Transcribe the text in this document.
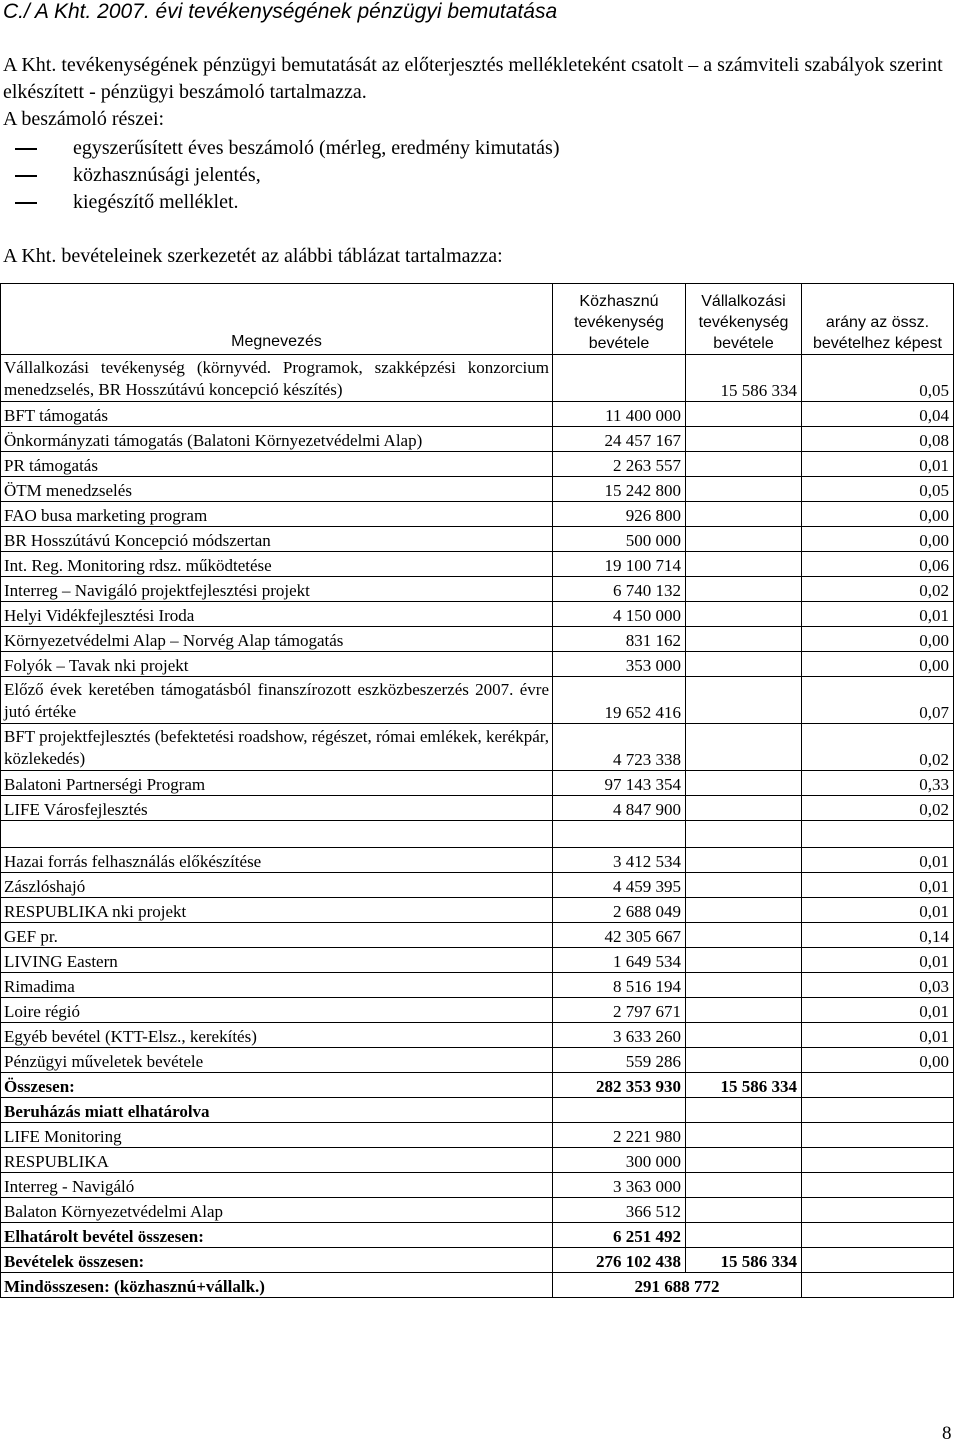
C./ A Kht. 2007. évi tevékenységének pénzügyi bemutatása

A Kht. tevékenységének pénzügyi bemutatását az előterjesztés mellékleteként csatolt – a számviteli szabályok szerint elkészített - pénzügyi beszámoló tartalmazza.

A beszámoló részei:

egyszerűsített éves beszámoló (mérleg, eredmény kimutatás)
közhasznúsági jelentés,
kiegészítő melléklet.

A Kht. bevételeinek szerkezetét az alábbi táblázat tartalmazza:

Megnevezés	Közhasznú tevékenység bevétele	Vállalkozási tevékenység bevétele	arány az össz. bevételhez képest
Vállalkozási tevékenység (környvéd. Programok, szakképzési konzorcium menedzselés, BR Hosszútávú koncepció készítés)		15 586 334	0,05
BFT támogatás	11 400 000		0,04
Önkormányzati támogatás (Balatoni Környezetvédelmi Alap)	24 457 167		0,08
PR támogatás	2 263 557		0,01
ÖTM menedzselés	15 242 800		0,05
FAO busa marketing program	926 800		0,00
BR Hosszútávú Koncepció módszertan	500 000		0,00
Int. Reg. Monitoring rdsz. működtetése	19 100 714		0,06
Interreg – Navigáló projektfejlesztési projekt	6 740 132		0,02
Helyi Vidékfejlesztési Iroda	4 150 000		0,01
Környezetvédelmi Alap – Norvég Alap támogatás	831 162		0,00
Folyók – Tavak nki projekt	353 000		0,00
Előző évek keretében támogatásból finanszírozott eszközbeszerzés 2007. évre jutó értéke	19 652 416		0,07
BFT projektfejlesztés (befektetési roadshow, régészet, római emlékek, kerékpár, közlekedés)	4 723 338		0,02
Balatoni Partnerségi Program	97 143 354		0,33
LIFE Városfejlesztés	4 847 900		0,02

Hazai forrás felhasználás előkészítése	3 412 534		0,01
Zászlóshajó	4 459 395		0,01
RESPUBLIKA nki projekt	2 688 049		0,01
GEF pr.	42 305 667		0,14
LIVING Eastern	1 649 534		0,01
Rimadima	8 516 194		0,03
Loire régió	2 797 671		0,01
Egyéb bevétel (KTT-Elsz., kerekítés)	3 633 260		0,01
Pénzügyi műveletek bevétele	559 286		0,00
Összesen:	282 353 930	15 586 334	
Beruházás miatt elhatárolva			
LIFE Monitoring	2 221 980		
RESPUBLIKA	300 000		
Interreg - Navigáló	3 363 000		
Balaton Környezetvédelmi Alap	366 512		
Elhatárolt bevétel összesen:	6 251 492		
Bevételek összesen:	276 102 438	15 586 334	
Mindösszesen: (közhasznú+vállalk.)	291 688 772		
8
